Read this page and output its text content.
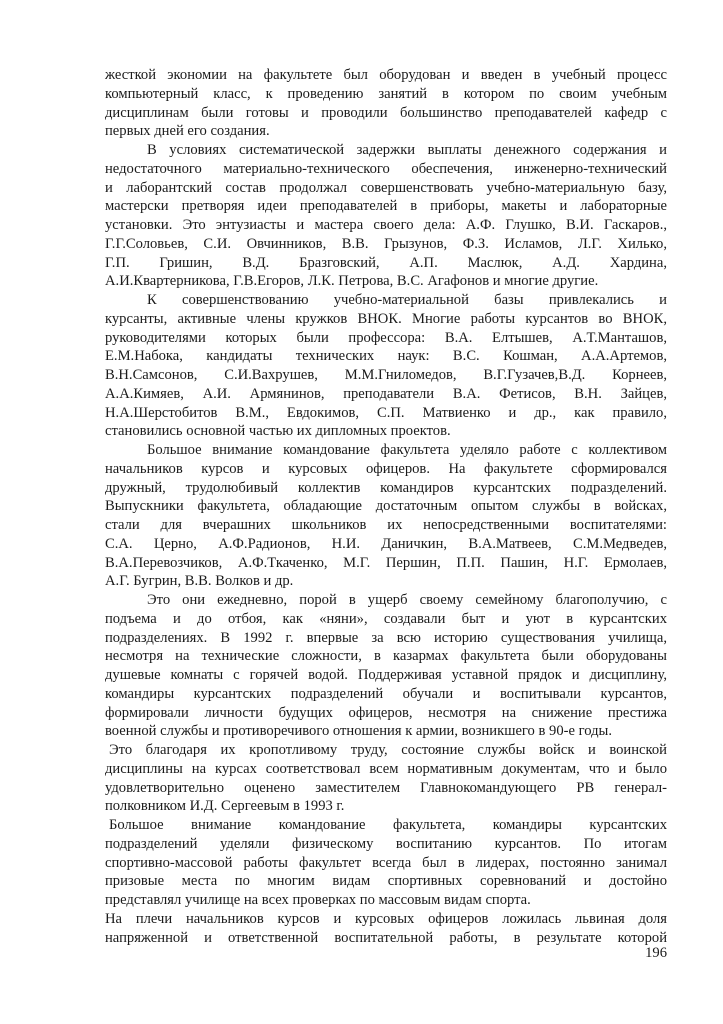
жесткой экономии на факультете был оборудован и введен в учебный процесс
компьютерный класс, к проведению занятий в котором по своим учебным
дисциплинам были готовы и проводили большинство преподавателей кафедр с
первых дней его создания.
В условиях систематической задержки выплаты денежного содержания и
недостаточного материально-технического обеспечения, инженерно-технический
и лаборантский состав продолжал совершенствовать учебно-материальную базу,
мастерски претворяя идеи преподавателей в приборы, макеты и лабораторные
установки. Это энтузиасты и мастера своего дела: А.Ф. Глушко, В.И. Гаскаров.,
Г.Г.Соловьев, С.И. Овчинников, В.В. Грызунов, Ф.З. Исламов, Л.Г. Хилько,
Г.П. Гришин, В.Д. Бразговский, А.П. Маслюк, А.Д. Хардина,
А.И.Квартерникова, Г.В.Егоров, Л.К. Петрова, В.С. Агафонов и многие другие.
К совершенствованию учебно-материальной базы привлекались и
курсанты, активные члены кружков ВНОК. Многие работы курсантов во ВНОК,
руководителями которых были профессора: В.А. Елтышев, А.Т.Манташов,
Е.М.Набока, кандидаты технических наук: В.С. Кошман, А.А.Артемов,
В.Н.Самсонов, С.И.Вахрушев, М.М.Гниломедов, В.Г.Гузачев,В.Д. Корнеев,
А.А.Кимяев, А.И. Армянинов, преподаватели В.А. Фетисов, В.Н. Зайцев,
Н.А.Шерстобитов В.М., Евдокимов, С.П. Матвиенко и др., как правило,
становились основной частью их дипломных проектов.
Большое внимание командование факультета уделяло работе с коллективом
начальников курсов и курсовых офицеров. На факультете сформировался
дружный, трудолюбивый коллектив командиров курсантских подразделений.
Выпускники факультета, обладающие достаточным опытом службы в войсках,
стали для вчерашних школьников их непосредственными воспитателями:
С.А. Церно, А.Ф.Радионов, Н.И. Даничкин, В.А.Матвеев, С.М.Медведев,
В.А.Перевозчиков, А.Ф.Ткаченко, М.Г. Першин, П.П. Пашин, Н.Г. Ермолаев,
А.Г. Бугрин, В.В. Волков и др.
Это они ежедневно, порой в ущерб своему семейному благополучию, с
подъема и до отбоя, как «няни», создавали быт и уют в курсантских
подразделениях. В 1992 г. впервые за всю историю существования училища,
несмотря на технические сложности, в казармах факультета были оборудованы
душевые комнаты с горячей водой. Поддерживая уставной прядок и дисциплину,
командиры курсантских подразделений обучали и воспитывали курсантов,
формировали личности будущих офицеров, несмотря на снижение престижа
военной службы и противоречивого отношения к армии, возникшего в 90-е годы.
Это благодаря их кропотливому труду, состояние службы войск и воинской
дисциплины на курсах соответствовал всем нормативным документам, что и было
удовлетворительно оценено заместителем Главнокомандующего РВ генерал-
полковником И.Д. Сергеевым в 1993 г.
Большое внимание командование факультета, командиры курсантских
подразделений уделяли физическому воспитанию курсантов. По итогам
спортивно-массовой работы факультет всегда был в лидерах, постоянно занимал
призовые места по многим видам спортивных соревнований и достойно
представлял училище на всех проверках по массовым видам спорта.
На плечи начальников курсов и курсовых офицеров ложилась львиная доля
напряженной и ответственной воспитательной работы, в результате которой
196
